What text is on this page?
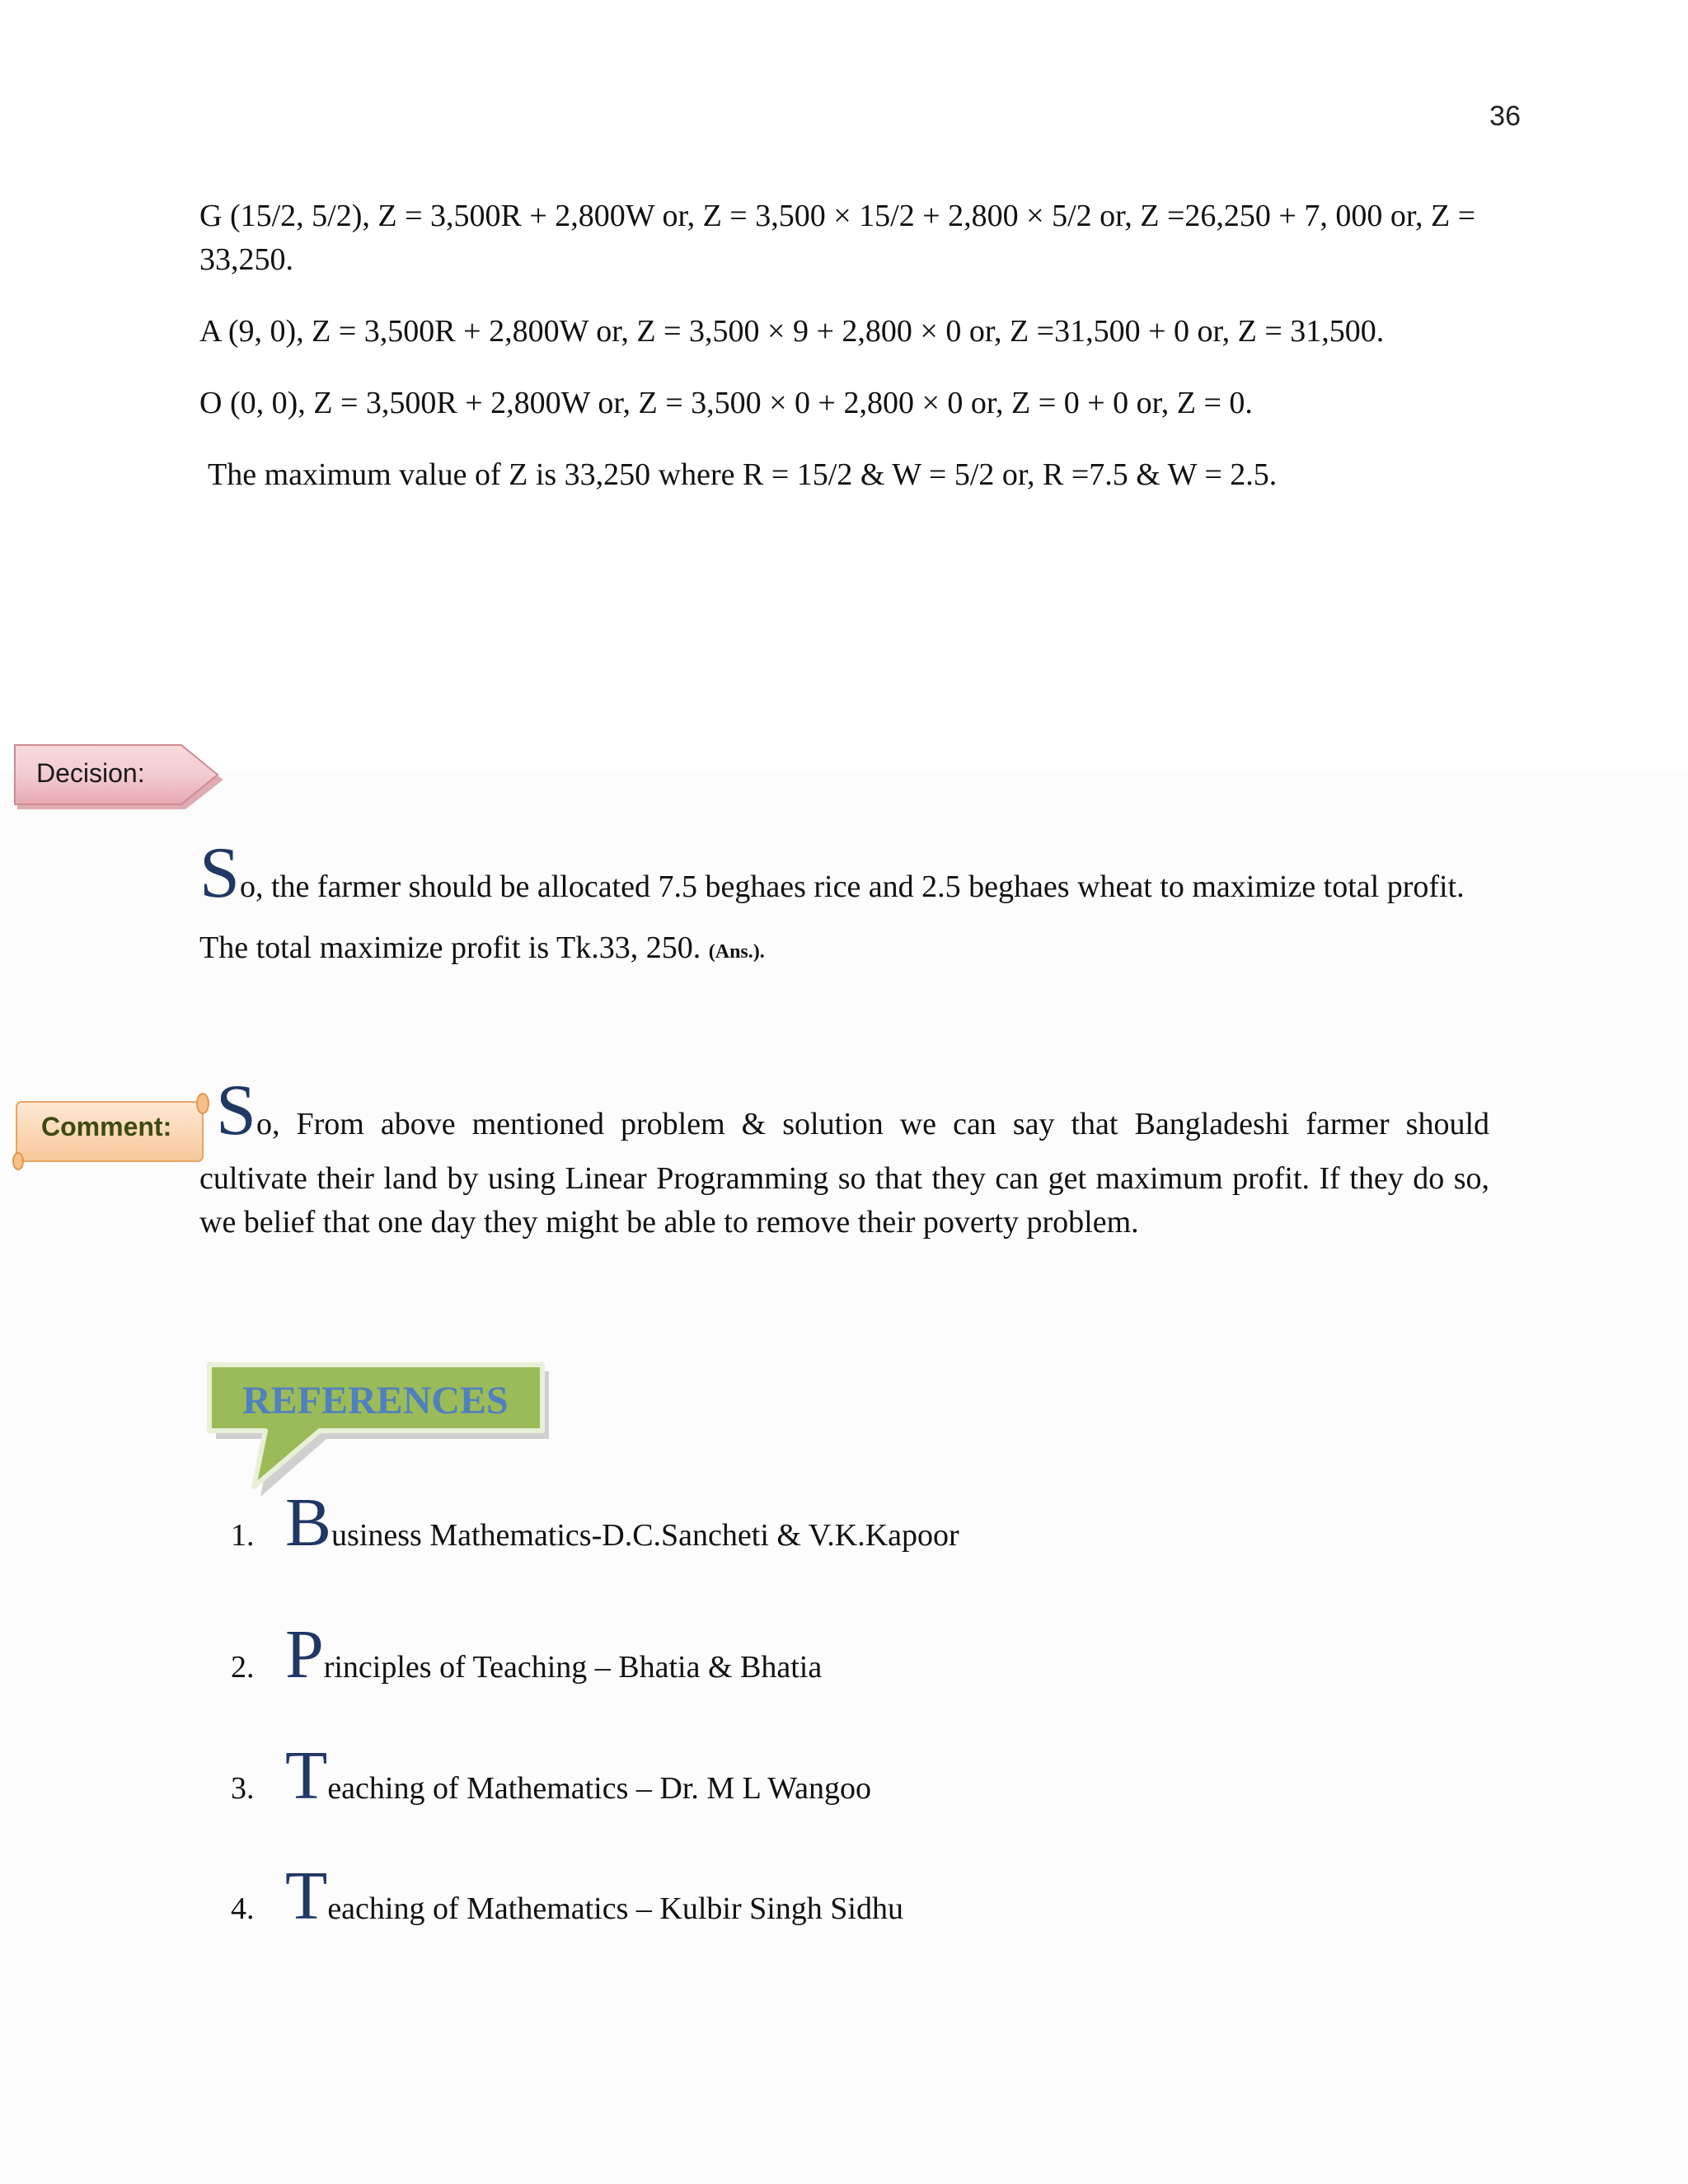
36

G (15/2, 5/2), Z = 3,500R + 2,800W or, Z = 3,500 × 15/2 + 2,800 × 5/2 or, Z =26,250 + 7, 000 or, Z = 33,250.

A (9, 0), Z = 3,500R + 2,800W or, Z = 3,500 × 9 + 2,800 × 0 or, Z =31,500 + 0 or, Z = 31,500.

O (0, 0), Z = 3,500R + 2,800W or, Z = 3,500 × 0 + 2,800 × 0 or, Z = 0 + 0 or, Z = 0.

The maximum value of Z is 33,250 where R = 15/2 & W = 5/2 or, R =7.5 & W = 2.5.

Decision:

So, the farmer should be allocated 7.5 beghaes rice and 2.5 beghaes wheat to maximize total profit. The total maximize profit is Tk.33, 250. (Ans.).

Comment: So, From above mentioned problem & solution we can say that Bangladeshi farmer should
cultivate their land by using Linear Programming so that they can get maximum profit. If they do so, we belief that one day they might be able to remove their poverty problem.
REFERENCES
1. Business Mathematics-D.C.Sancheti & V.K.Kapoor
2. Principles of Teaching – Bhatia & Bhatia
3. Teaching of Mathematics – Dr. M L Wangoo
4. Teaching of Mathematics – Kulbir Singh Sidhu
